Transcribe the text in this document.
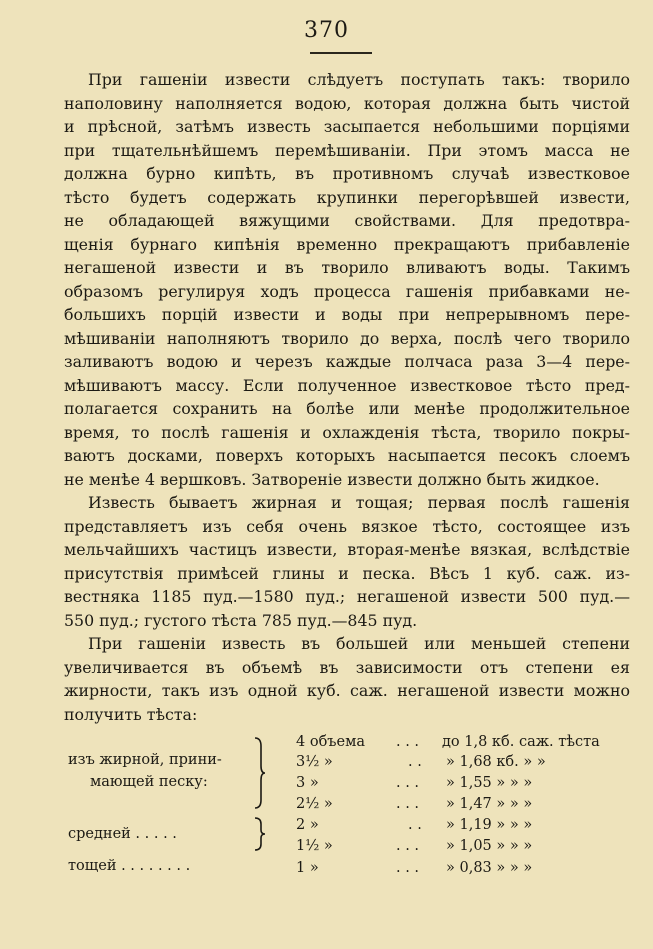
370
При гашеніи извести слѣдуетъ поступать такъ: творило
наполовину наполняется водою, которая должна быть чистой
и прѣсной, затѣмъ известь засыпается небольшими порціями
при тщательнѣйшемъ перемѣшиваніи. При этомъ масса не
должна бурно кипѣть, въ противномъ случаѣ известковое
тѣсто будетъ содержать крупинки перегорѣвшей извести,
не обладающей вяжущими свойствами. Для предотвра-
щенія бурнаго кипѣнія временно прекращаютъ прибавленіе
негашеной извести и въ творило вливаютъ воды. Такимъ
образомъ регулируя ходъ процесса гашенія прибавками не-
большихъ порцій извести и воды при непрерывномъ пере-
мѣшиваніи наполняютъ творило до верха, послѣ чего творило
заливаютъ водою и черезъ каждые полчаса раза 3—4 пере-
мѣшиваютъ массу. Если полученное известковое тѣсто пред-
полагается сохранить на болѣе или менѣе продолжительное
время, то послѣ гашенія и охлажденія тѣста, творило покры-
ваютъ досками, поверхъ которыхъ насыпается песокъ слоемъ
не менѣе 4 вершковъ. Затвореніе извести должно быть жидкое.
Известь бываетъ жирная и тощая; первая послѣ гашенія
представляетъ изъ себя очень вязкое тѣсто, состоящее изъ
мельчайшихъ частицъ извести, вторая-менѣе вязкая, вслѣдствіе
присутствія примѣсей глины и песка. Вѣсъ 1 куб. саж. из-
вестняка 1185 пуд.—1580 пуд.; негашеной извести 500 пуд.—
550 пуд.; густого тѣста 785 пуд.—845 пуд.
При гашеніи известь въ большей или меньшей степени
увеличивается въ объемѣ въ зависимости отъ степени ея
жирности, такъ изъ одной куб. саж. негашеной извести можно
получить тѣста:
изъ жирной, прини-
мающей песку:
средней . . . . .
тощей . . . . . . . .
4 объема
3½ »
3 »
2½ »
2 »
1½ »
1 »
. . .
. .
. . .
. . .
. .
. . .
. . .
до 1,8 кб. саж. тѣста
» 1,68 кб. » »
» 1,55 » » »
» 1,47 » » »
» 1,19 » » »
» 1,05 » » »
» 0,83 » » »
